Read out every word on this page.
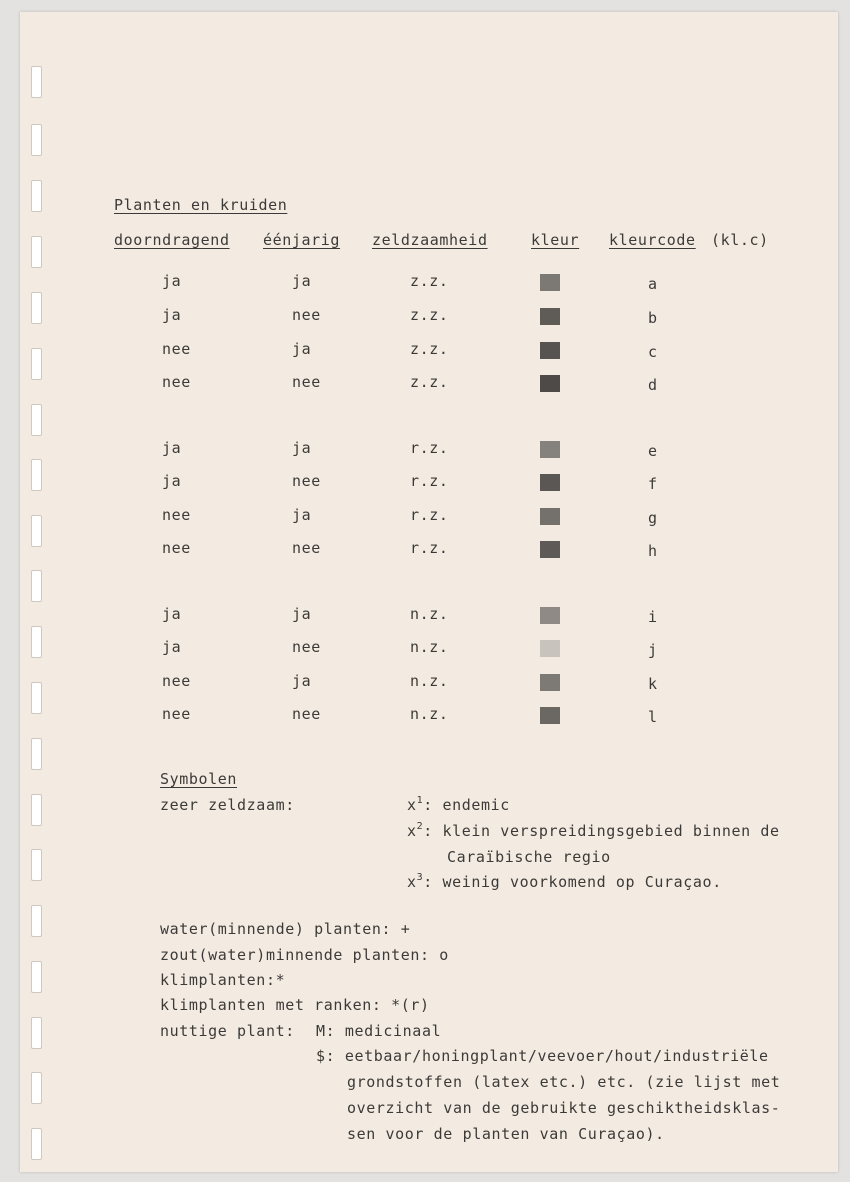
Planten en kruiden
doorndragend éénjarig zeldzaamheid	kleur kleurcode (kl.c)
ja	ja	z.z.	a
ja	nee	z.z.	b
nee	ja	z.z.	c
nee	nee	z.z.	d
ja	ja	r.z.	e
ja	nee	r.z.	f
nee	ja	r.z.	g
nee	nee	r.z.	h
ja	ja	n.z.	i
ja	nee	n.z.	j
nee	ja	n.z.	k
nee	nee	n.z.	l
Symbolen
zeer zeldzaam:	$x^1$: endemic
$x^2$: klein verspreidingsgebied binnen de
Caraïbische regio
$x^3$: weinig voorkomend op Curaçao.
water(minnende) planten: +
zout(water)minnende planten: o
klimplanten:*
klimplanten met ranken: *(r)
nuttige plant: M: medicinaal
$: eetbaar/honingplant/veevoer/hout/industriële
grondstoffen (latex etc.) etc. (zie lijst met
overzicht van de gebruikte geschiktheidsklas-
sen voor de planten van Curaçao).
